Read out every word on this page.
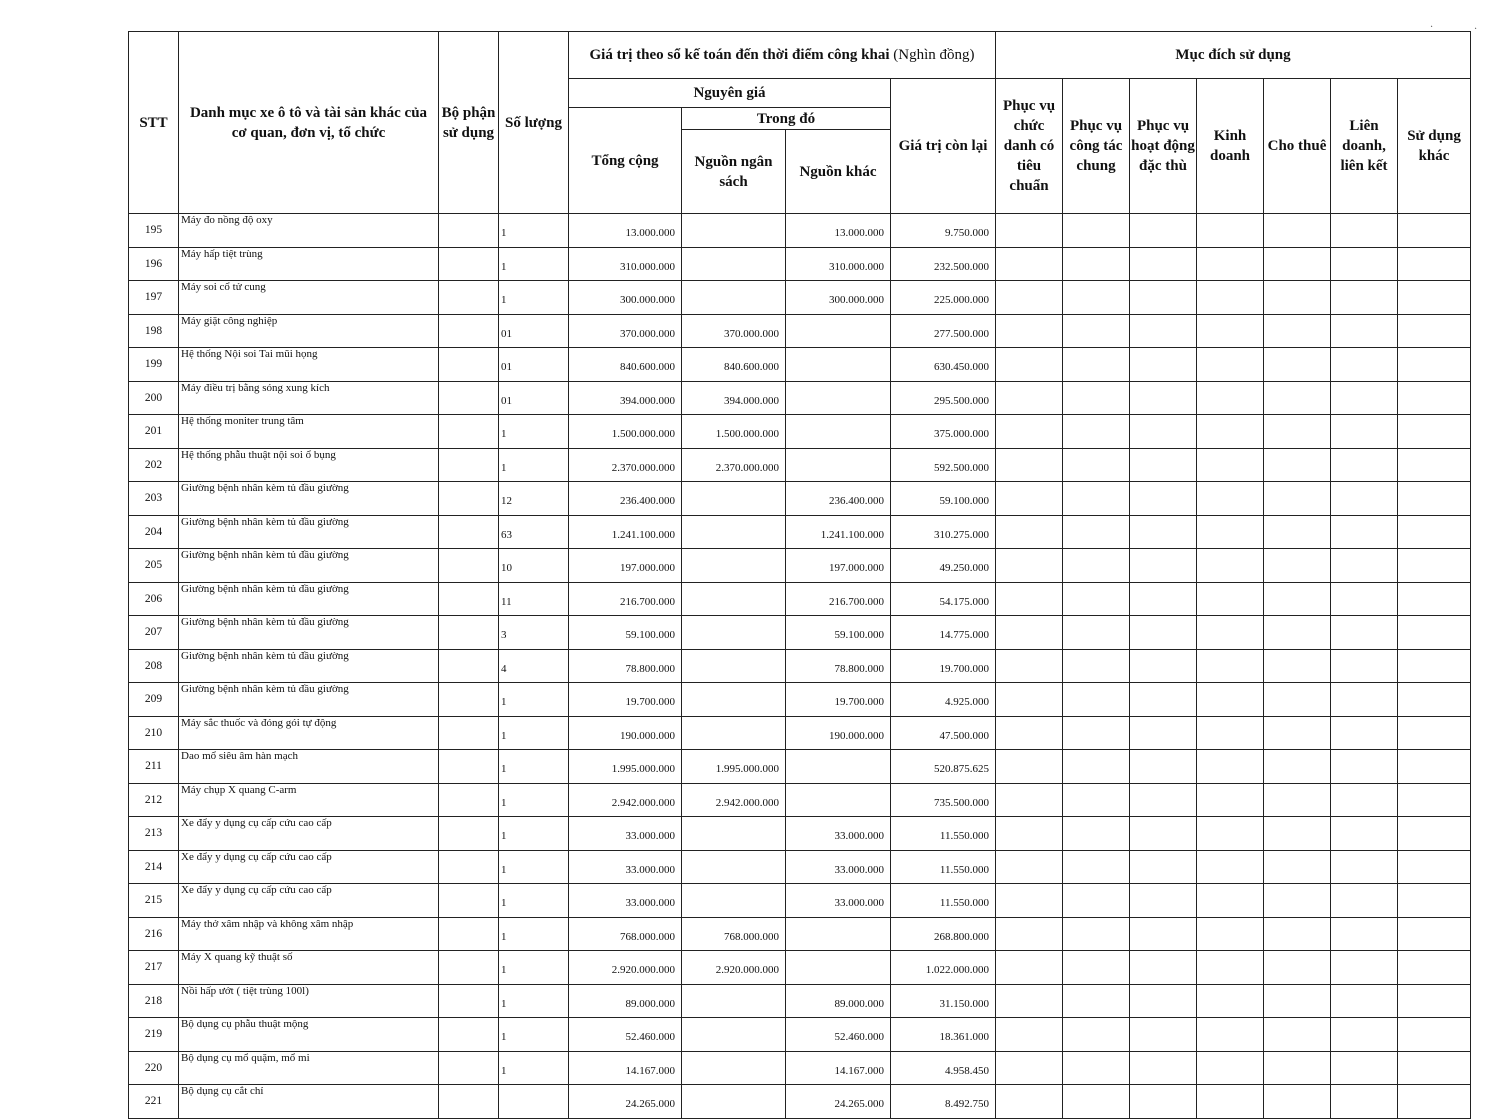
STT	Danh mục xe ô tô và tài sản khác của cơ quan, đơn vị, tổ chức	Bộ phận sử dụng	Số lượng	Giá trị theo sổ kế toán đến thời điểm công khai (Nghìn đồng)				Mục đích sử dụng						
				Nguyên giá			Giá trị còn lại	Phục vụ chức danh có tiêu chuẩn	Phục vụ công tác chung	Phục vụ hoạt động đặc thù	Kinh doanh	Cho thuê	Liên doanh, liên kết	Sử dụng khác
				Tổng cộng	Trong đó									
					Nguồn ngân sách	Nguồn khác								
195	Máy đo nồng độ oxy		1	13.000.000		13.000.000	9.750.000							
196	Máy hấp tiệt trùng		1	310.000.000		310.000.000	232.500.000							
197	Máy soi cổ tử cung		1	300.000.000		300.000.000	225.000.000							
198	Máy giặt công nghiệp		01	370.000.000	370.000.000		277.500.000							
199	Hệ thống Nội soi Tai mũi họng		01	840.600.000	840.600.000		630.450.000							
200	Máy điều trị bằng sóng xung kích		01	394.000.000	394.000.000		295.500.000							
201	Hệ thống moniter trung tâm		1	1.500.000.000	1.500.000.000		375.000.000							
202	Hệ thống phẫu thuật nội soi ổ bụng		1	2.370.000.000	2.370.000.000		592.500.000							
203	Giường bệnh nhân kèm tủ đầu giường		12	236.400.000		236.400.000	59.100.000							
204	Giường bệnh nhân kèm tủ đầu giường		63	1.241.100.000		1.241.100.000	310.275.000							
205	Giường bệnh nhân kèm tủ đầu giường		10	197.000.000		197.000.000	49.250.000							
206	Giường bệnh nhân kèm tủ đầu giường		11	216.700.000		216.700.000	54.175.000							
207	Giường bệnh nhân kèm tủ đầu giường		3	59.100.000		59.100.000	14.775.000							
208	Giường bệnh nhân kèm tủ đầu giường		4	78.800.000		78.800.000	19.700.000							
209	Giường bệnh nhân kèm tủ đầu giường		1	19.700.000		19.700.000	4.925.000							
210	Máy sắc thuốc và đóng gói tự động		1	190.000.000		190.000.000	47.500.000							
211	Dao mổ siêu âm hàn mạch		1	1.995.000.000	1.995.000.000		520.875.625							
212	Máy chụp X quang C-arm		1	2.942.000.000	2.942.000.000		735.500.000							
213	Xe đẩy y dụng cụ cấp cứu cao cấp		1	33.000.000		33.000.000	11.550.000							
214	Xe đẩy y dụng cụ cấp cứu cao cấp		1	33.000.000		33.000.000	11.550.000							
215	Xe đẩy y dụng cụ cấp cứu cao cấp		1	33.000.000		33.000.000	11.550.000							
216	Máy thở xâm nhập và không xâm nhập		1	768.000.000	768.000.000		268.800.000							
217	Máy X quang kỹ thuật số		1	2.920.000.000	2.920.000.000		1.022.000.000							
218	Nồi hấp ướt ( tiệt trùng 100l)		1	89.000.000		89.000.000	31.150.000							
219	Bộ dụng cụ phẫu thuật mộng		1	52.460.000		52.460.000	18.361.000							
220	Bộ dụng cụ mổ quặm, mổ mi		1	14.167.000		14.167.000	4.958.450							
221	Bộ dụng cụ cắt chỉ			24.265.000		24.265.000	8.492.750							
·	·
